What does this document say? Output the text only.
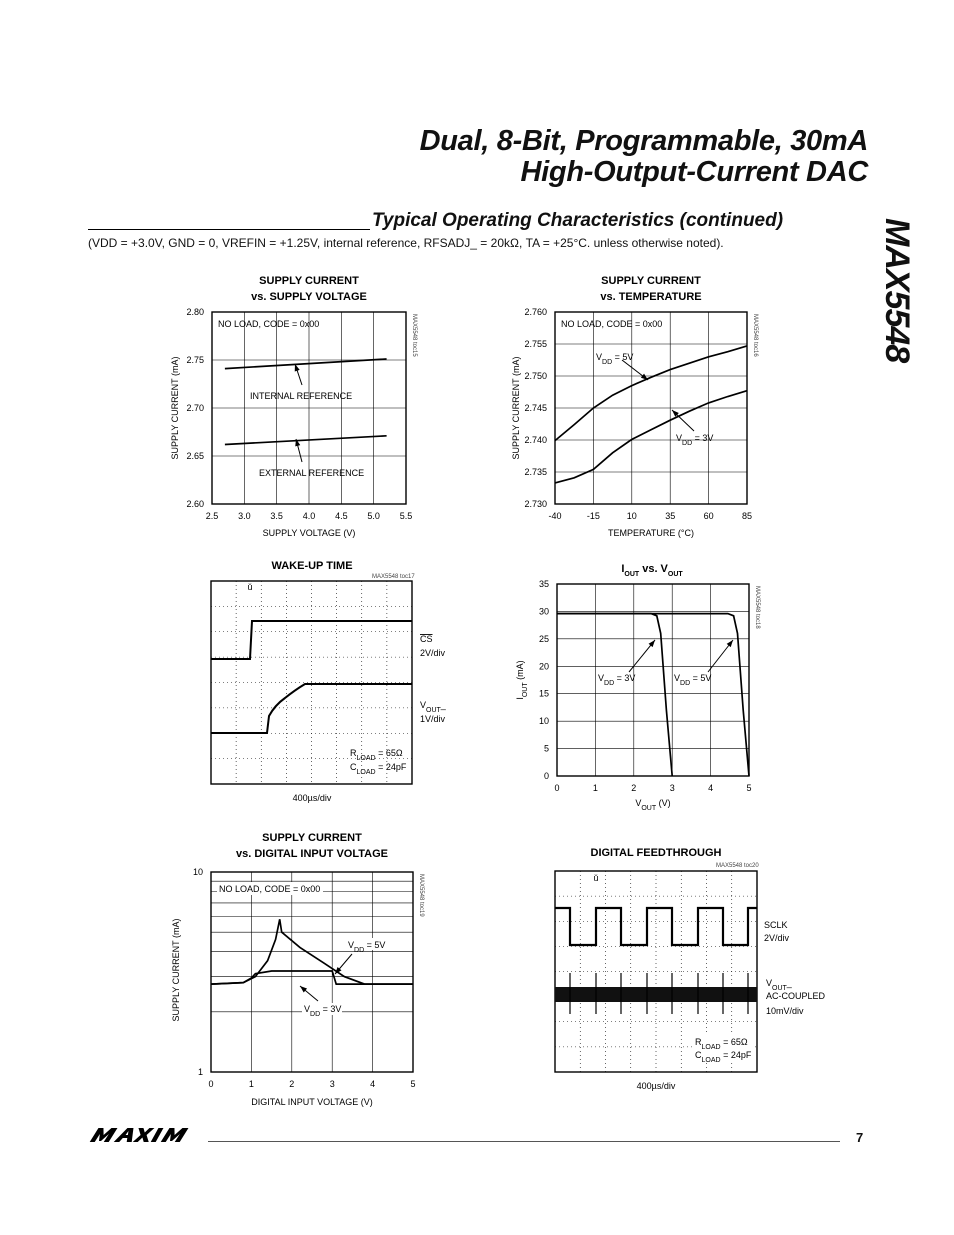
Dual, 8-Bit, Programmable, 30mA
High-Output-Current DAC
MAX5548
Typical Operating Characteristics (continued)
(VDD = +3.0V, GND = 0, VREFIN = +1.25V, internal reference, RFSADJ_ = 20kΩ, TA = +25°C. unless otherwise noted).
SUPPLY CURRENT
vs. SUPPLY VOLTAGE
2.5 3.0 3.5 4.0 4.5 5.0 5.5
2.80
2.75
2.70
2.65
2.60
SUPPLY VOLTAGE (V)
SUPPLY CURRENT (mA)
MAX5548 toc15
NO LOAD, CODE = 0x00
INTERNAL REFERENCE
EXTERNAL REFERENCE
SUPPLY CURRENT
vs. TEMPERATURE
-40	-15	10	35	60	85
2.760
2.755
2.750
2.745
2.740
2.735
2.730
TEMPERATURE (°C)
SUPPLY CURRENT (mA)
MAX5548 toc16
NO LOAD, CODE = 0x00
$V_{DD} = 5V$
$V_{DD} = 3V$
WAKE-UP TIME
MAX5548 toc17
ǔ
CS
2V/div
$V_{OUT}\_$
1V/div
$R_{LOAD} = 65\Omega$
$C_{LOAD} = 24pF$
400µs/div
$I_{OUT}$ vs. $V_{OUT}$
0	1	2	3	4	5
35
30
25
20
15
10
5
0
$V_{OUT}$ (V)
$I_{OUT}$ (mA)
MAX5548 toc18
$V_{DD} = 3V$	$V_{DD} = 5V$
SUPPLY CURRENT
vs. DIGITAL INPUT VOLTAGE
0	1	2	3	4	5
10
1
DIGITAL INPUT VOLTAGE (V)
SUPPLY CURRENT (mA)
MAX5548 toc19
NO LOAD, CODE = 0x00
$V_{DD} = 5V$
$V_{DD} = 3V$
DIGITAL FEEDTHROUGH
MAX5548 toc20
ǔ
SCLK
2V/div
$V_{OUT}\_$
AC-COUPLED
10mV/div
$R_{LOAD} = 65\Omega$
$C_{LOAD} = 24pF$
400µs/div
MAXIM
7
